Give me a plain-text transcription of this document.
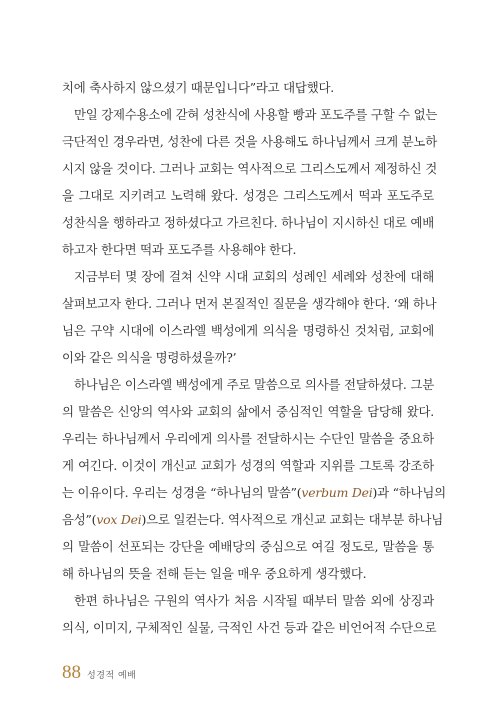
치에 축사하지 않으셨기 때문입니다”라고 대답했다.
만일 강제수용소에 갇혀 성찬식에 사용할 빵과 포도주를 구할 수 없는
극단적인 경우라면, 성찬에 다른 것을 사용해도 하나님께서 크게 분노하
시지 않을 것이다. 그러나 교회는 역사적으로 그리스도께서 제정하신 것
을 그대로 지키려고 노력해 왔다. 성경은 그리스도께서 떡과 포도주로
성찬식을 행하라고 정하셨다고 가르친다. 하나님이 지시하신 대로 예배
하고자 한다면 떡과 포도주를 사용해야 한다.
지금부터 몇 장에 걸쳐 신약 시대 교회의 성례인 세례와 성찬에 대해
살펴보고자 한다. 그러나 먼저 본질적인 질문을 생각해야 한다. ‘왜 하나
님은 구약 시대에 이스라엘 백성에게 의식을 명령하신 것처럼, 교회에
이와 같은 의식을 명령하셨을까?’
하나님은 이스라엘 백성에게 주로 말씀으로 의사를 전달하셨다. 그분
의 말씀은 신앙의 역사와 교회의 삶에서 중심적인 역할을 담당해 왔다.
우리는 하나님께서 우리에게 의사를 전달하시는 수단인 말씀을 중요하
게 여긴다. 이것이 개신교 교회가 성경의 역할과 지위를 그토록 강조하
는 이유이다. 우리는 성경을 “하나님의 말씀”(verbum Dei)과 “하나님의
음성”(vox Dei)으로 일컫는다. 역사적으로 개신교 교회는 대부분 하나님
의 말씀이 선포되는 강단을 예배당의 중심으로 여길 정도로, 말씀을 통
해 하나님의 뜻을 전해 듣는 일을 매우 중요하게 생각했다.
한편 하나님은 구원의 역사가 처음 시작될 때부터 말씀 외에 상징과
의식, 이미지, 구체적인 실물, 극적인 사건 등과 같은 비언어적 수단으로
88 성경적 예배
